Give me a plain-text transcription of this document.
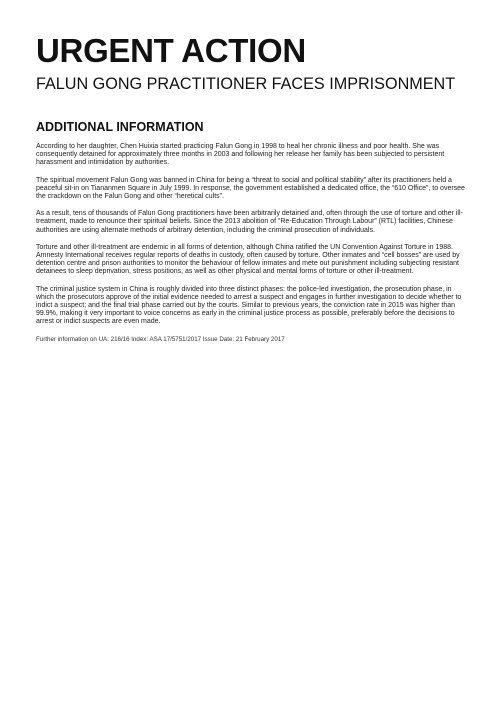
URGENT ACTION
FALUN GONG PRACTITIONER FACES IMPRISONMENT
ADDITIONAL INFORMATION

According to her daughter, Chen Huixia started practicing Falun Gong in 1998 to heal her chronic illness and poor health. She was consequently detained for approximately three months in 2003 and following her release her family has been subjected to persistent harassment and intimidation by authorities.

The spiritual movement Falun Gong was banned in China for being a “threat to social and political stability” after its practitioners held a peaceful sit-in on Tiananmen Square in July 1999. In response, the government established a dedicated office, the “610 Office”, to oversee the crackdown on the Falun Gong and other “heretical cults”.

As a result, tens of thousands of Falun Gong practitioners have been arbitrarily detained and, often through the use of torture and other ill-treatment, made to renounce their spiritual beliefs. Since the 2013 abolition of “Re-Education Through Labour” (RTL) facilities, Chinese authorities are using alternate methods of arbitrary detention, including the criminal prosecution of individuals.

Torture and other ill-treatment are endemic in all forms of detention, although China ratified the UN Convention Against Torture in 1988. Amnesty International receives regular reports of deaths in custody, often caused by torture. Other inmates and “cell bosses” are used by detention centre and prison authorities to monitor the behaviour of fellow inmates and mete out punishment including subjecting resistant detainees to sleep deprivation, stress positions, as well as other physical and mental forms of torture or other ill-treatment.

The criminal justice system in China is roughly divided into three distinct phases: the police-led investigation, the prosecution phase, in which the prosecutors approve of the initial evidence needed to arrest a suspect and engages in further investigation to decide whether to indict a suspect; and the final trial phase carried out by the courts. Similar to previous years, the conviction rate in 2015 was higher than 99.9%, making it very important to voice concerns as early in the criminal justice process as possible, preferably before the decisions to arrest or indict suspects are even made.

Further information on UA: 216/16 Index: ASA 17/5751/2017 Issue Date: 21 February 2017
